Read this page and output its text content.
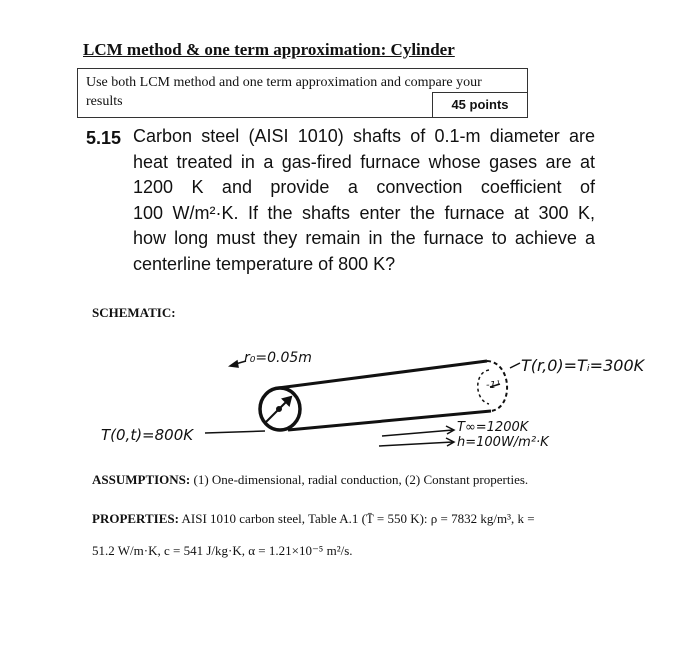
LCM method & one term approximation: Cylinder
Use both LCM method and one term approximation and compare your results	45 points
5.15 Carbon steel (AISI 1010) shafts of 0.1-m diameter are
heat treated in a gas-fired furnace whose gases are at
1200 K and provide a convection coefficient of
100 W/m²·K. If the shafts enter the furnace at 300 K,
how long must they remain in the furnace to achieve a
centerline temperature of 800 K?
SCHEMATIC:
-1¹
r₀=0.05m	T(r,0)=Tᵢ=300K
T(0,t)=800K	T∞=1200K
h=100W/m²·K
ASSUMPTIONS: (1) One-dimensional, radial conduction, (2) Constant properties.
PROPERTIES: AISI 1010 carbon steel, Table A.1 (T̄ = 550 K): ρ = 7832 kg/m³, k =
51.2 W/m·K, c = 541 J/kg·K, α = 1.21×10⁻⁵ m²/s.
